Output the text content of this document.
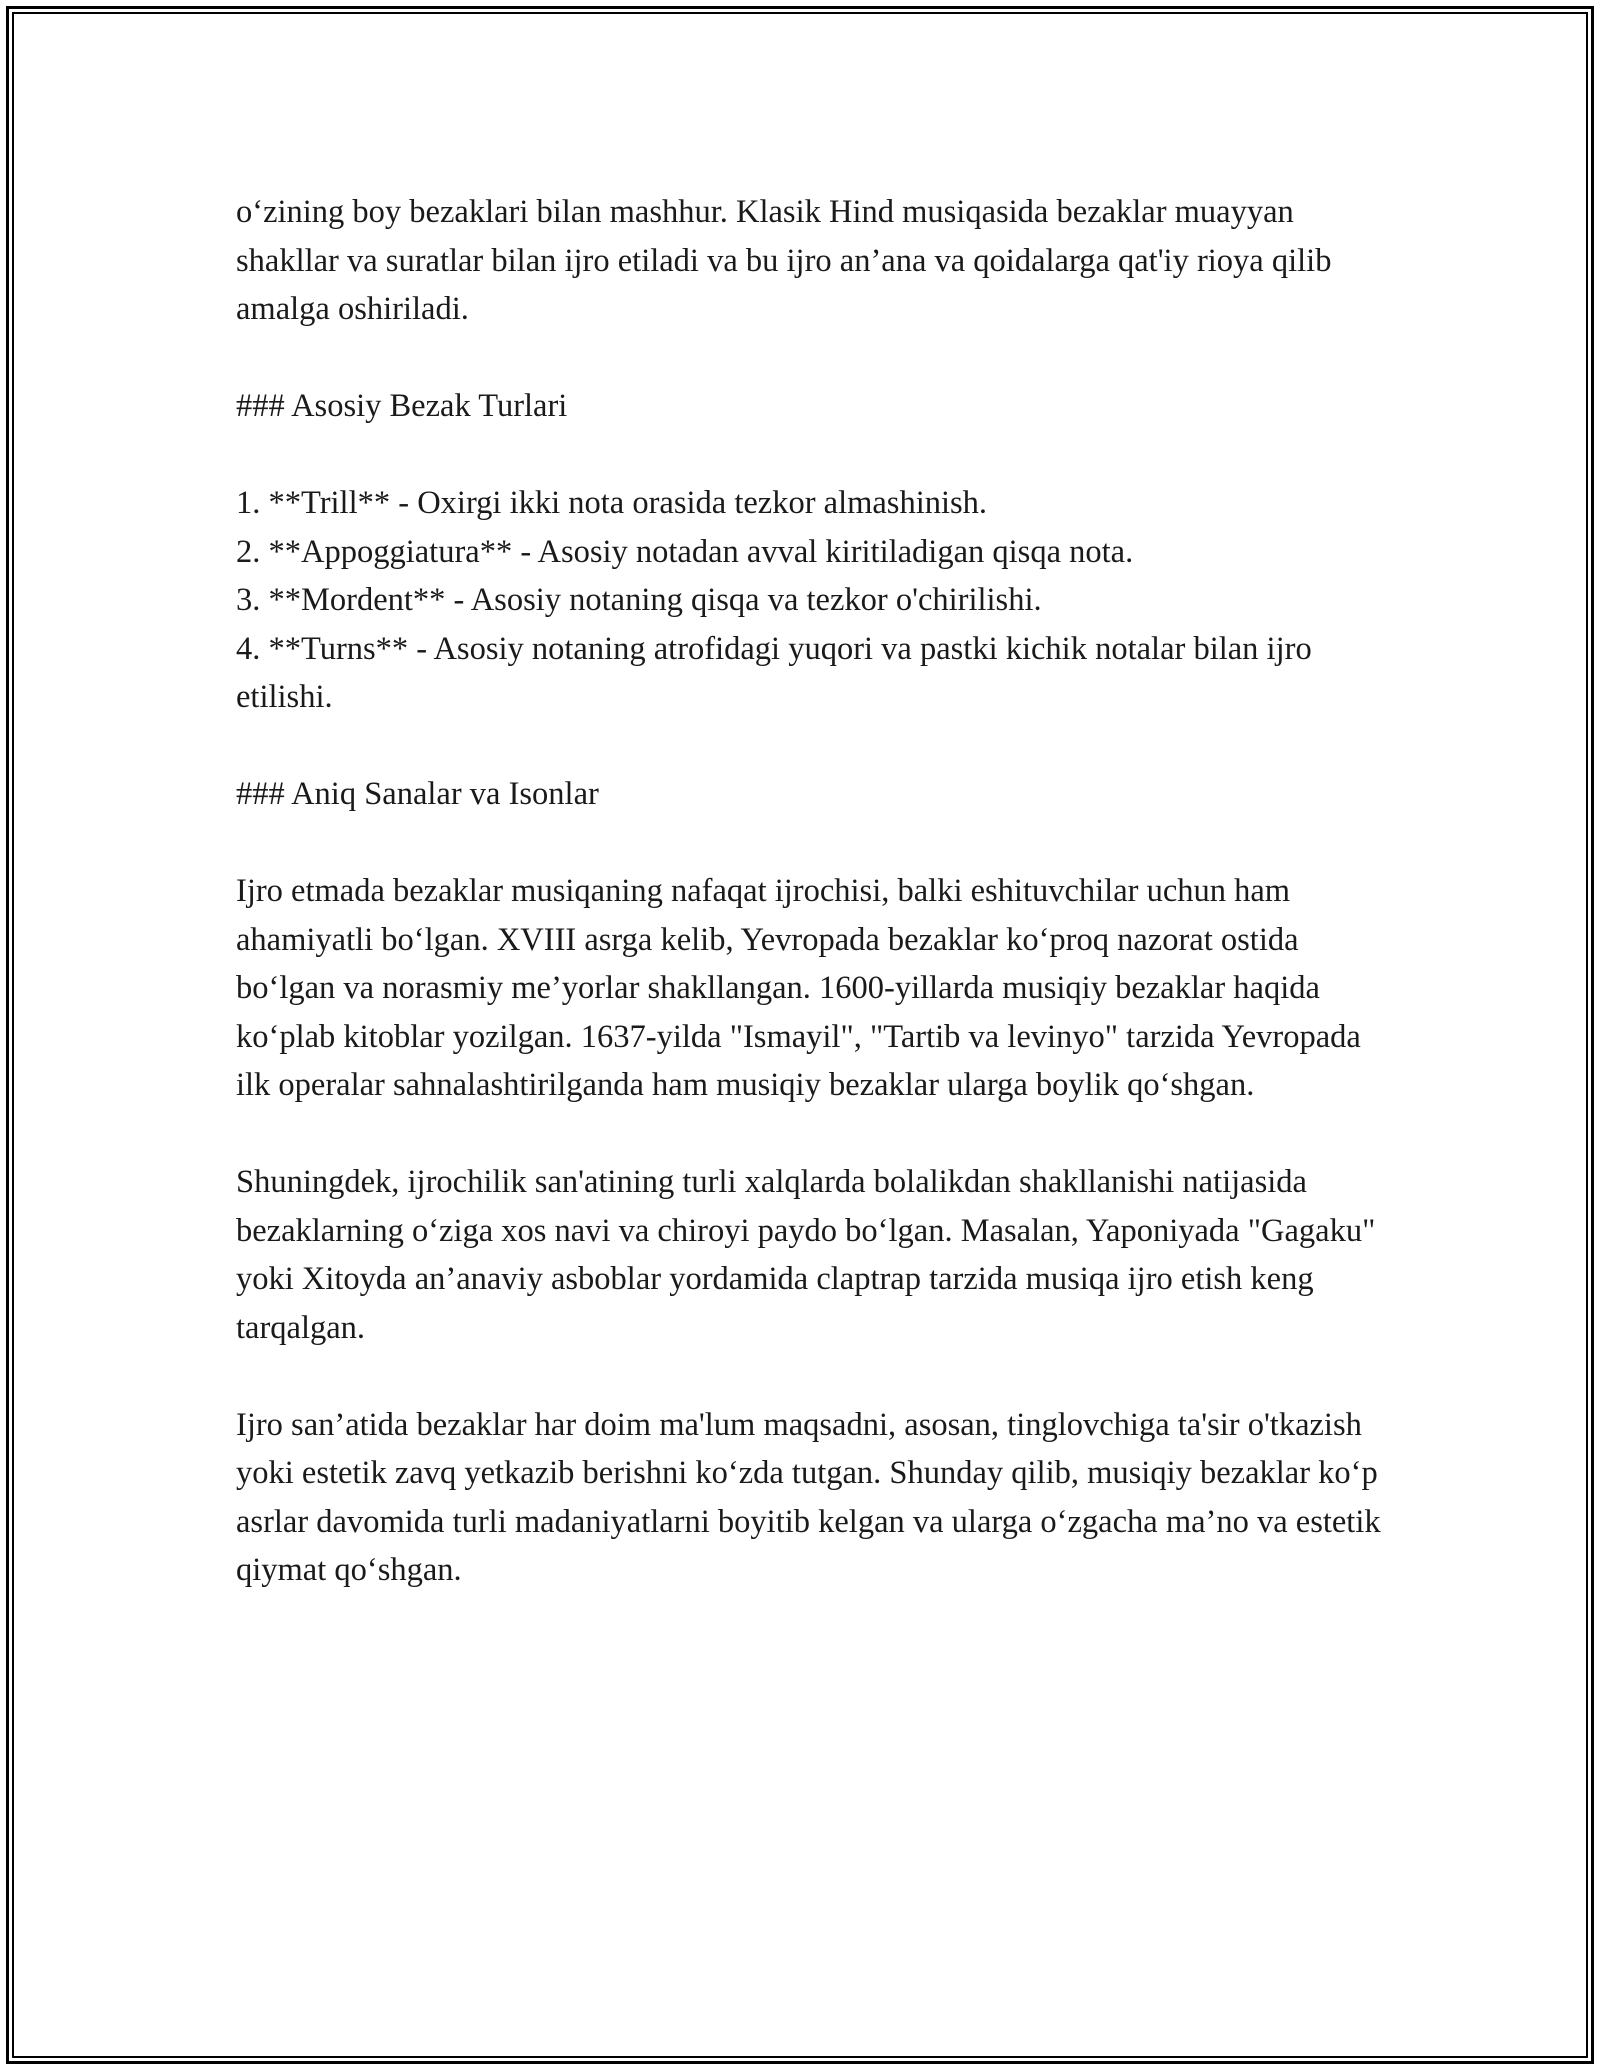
o‘zining boy bezaklari bilan mashhur. Klasik Hind musiqasida bezaklar muayyan shakllar va suratlar bilan ijro etiladi va bu ijro an’ana va qoidalarga qat'iy rioya qilib amalga oshiriladi.

### Asosiy Bezak Turlari

1. **Trill** - Oxirgi ikki nota orasida tezkor almashinish.
2. **Appoggiatura** - Asosiy notadan avval kiritiladigan qisqa nota.
3. **Mordent** - Asosiy notaning qisqa va tezkor o'chirilishi.
4. **Turns** - Asosiy notaning atrofidagi yuqori va pastki kichik notalar bilan ijro etilishi.

### Aniq Sanalar va Isonlar

Ijro etmada bezaklar musiqaning nafaqat ijrochisi, balki eshituvchilar uchun ham ahamiyatli bo‘lgan. XVIII asrga kelib, Yevropada bezaklar ko‘proq nazorat ostida bo‘lgan va norasmiy me’yorlar shakllangan. 1600-yillarda musiqiy bezaklar haqida ko‘plab kitoblar yozilgan. 1637-yilda "Ismayil", "Tartib va levinyo" tarzida Yevropada ilk operalar sahnalashtirilganda ham musiqiy bezaklar ularga boylik qo‘shgan.

Shuningdek, ijrochilik san'atining turli xalqlarda bolalikdan shakllanishi natijasida bezaklarning o‘ziga xos navi va chiroyi paydo bo‘lgan. Masalan, Yaponiyada "Gagaku" yoki Xitoyda an’anaviy asboblar yordamida claptrap tarzida musiqa ijro etish keng tarqalgan.

Ijro san’atida bezaklar har doim ma'lum maqsadni, asosan, tinglovchiga ta'sir o'tkazish yoki estetik zavq yetkazib berishni ko‘zda tutgan. Shunday qilib, musiqiy bezaklar ko‘p asrlar davomida turli madaniyatlarni boyitib kelgan va ularga o‘zgacha ma’no va estetik qiymat qo‘shgan.
